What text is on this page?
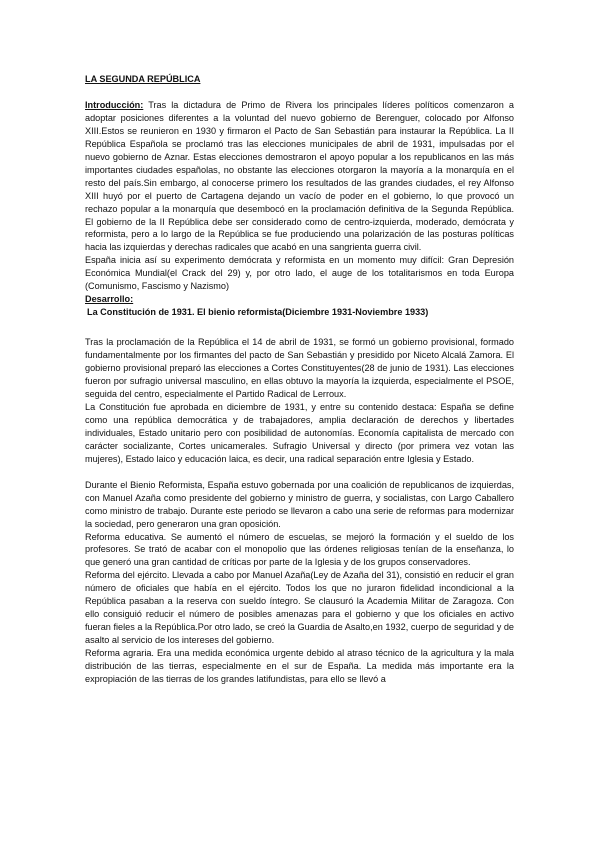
LA SEGUNDA REPÚBLICA

Introducción: Tras la dictadura de Primo de Rivera los principales líderes políticos comenzaron a adoptar posiciones diferentes a la voluntad del nuevo gobierno de Berenguer, colocado por Alfonso XIII.Estos se reunieron en 1930 y firmaron el Pacto de San Sebastián para instaurar la República. La II República Española se proclamó tras las elecciones municipales de abril de 1931, impulsadas por el nuevo gobierno de Aznar. Estas elecciones demostraron el apoyo popular a los republicanos en las más importantes ciudades españolas, no obstante las elecciones otorgaron la mayoría a la monarquía en el resto del país.Sin embargo, al conocerse primero los resultados de las grandes ciudades, el rey Alfonso XIII huyó por el puerto de Cartagena dejando un vacío de poder en el gobierno, lo que provocó un rechazo popular a la monarquía que desembocó en la proclamación definitiva de la Segunda República. El gobierno de la II República debe ser considerado como de centro-izquierda, moderado, demócrata y reformista, pero a lo largo de la República se fue produciendo una polarización de las posturas políticas hacia las izquierdas y derechas radicales que acabó en una sangrienta guerra civil.

España inicia así su experimento demócrata y reformista en un momento muy difícil: Gran Depresión Económica Mundial(el Crack del 29) y, por otro lado, el auge de los totalitarismos en toda Europa (Comunismo, Fascismo y Nazismo)

Desarrollo:

La Constitución de 1931. El bienio reformista(Diciembre 1931-Noviembre 1933)

Tras la proclamación de la República el 14 de abril de 1931, se formó un gobierno provisional, formado fundamentalmente por los firmantes del pacto de San Sebastián y presidido por Niceto Alcalá Zamora. El gobierno provisional preparó las elecciones a Cortes Constituyentes(28 de junio de 1931). Las elecciones fueron por sufragio universal masculino, en ellas obtuvo la mayoría la izquierda, especialmente el PSOE, seguida del centro, especialmente el Partido Radical de Lerroux.

La Constitución fue aprobada en diciembre de 1931, y entre su contenido destaca: España se define como una república democrática y de trabajadores, amplia declaración de derechos y libertades individuales, Estado unitario pero con posibilidad de autonomías. Economía capitalista de mercado con carácter socializante, Cortes unicamerales. Sufragio Universal y directo (por primera vez votan las mujeres), Estado laico y educación laica, es decir, una radical separación entre Iglesia y Estado.

Durante el Bienio Reformista, España estuvo gobernada por una coalición de republicanos de izquierdas, con Manuel Azaña como presidente del gobierno y ministro de guerra, y socialistas, con Largo Caballero como ministro de trabajo. Durante este periodo se llevaron a cabo una serie de reformas para modernizar la sociedad, pero generaron una gran oposición.

Reforma educativa. Se aumentó el número de escuelas, se mejoró la formación y el sueldo de los profesores. Se trató de acabar con el monopolio que las órdenes religiosas tenían de la enseñanza, lo que generó una gran cantidad de críticas por parte de la Iglesia y de los grupos conservadores.

Reforma del ejército. Llevada a cabo por Manuel Azaña(Ley de Azaña del 31), consistió en reducir el gran número de oficiales que había en el ejército. Todos los que no juraron fidelidad incondicional a la República pasaban a la reserva con sueldo íntegro. Se clausuró la Academia Militar de Zaragoza. Con ello consiguió reducir el número de posibles amenazas para el gobierno y que los oficiales en activo fueran fieles a la República.Por otro lado, se creó la Guardia de Asalto,en 1932, cuerpo de seguridad y de asalto al servicio de los intereses del gobierno.

Reforma agraria. Era una medida económica urgente debido al atraso técnico de la agricultura y la mala distribución de las tierras, especialmente en el sur de España. La medida más importante era la expropiación de las tierras de los grandes latifundistas, para ello se llevó a
